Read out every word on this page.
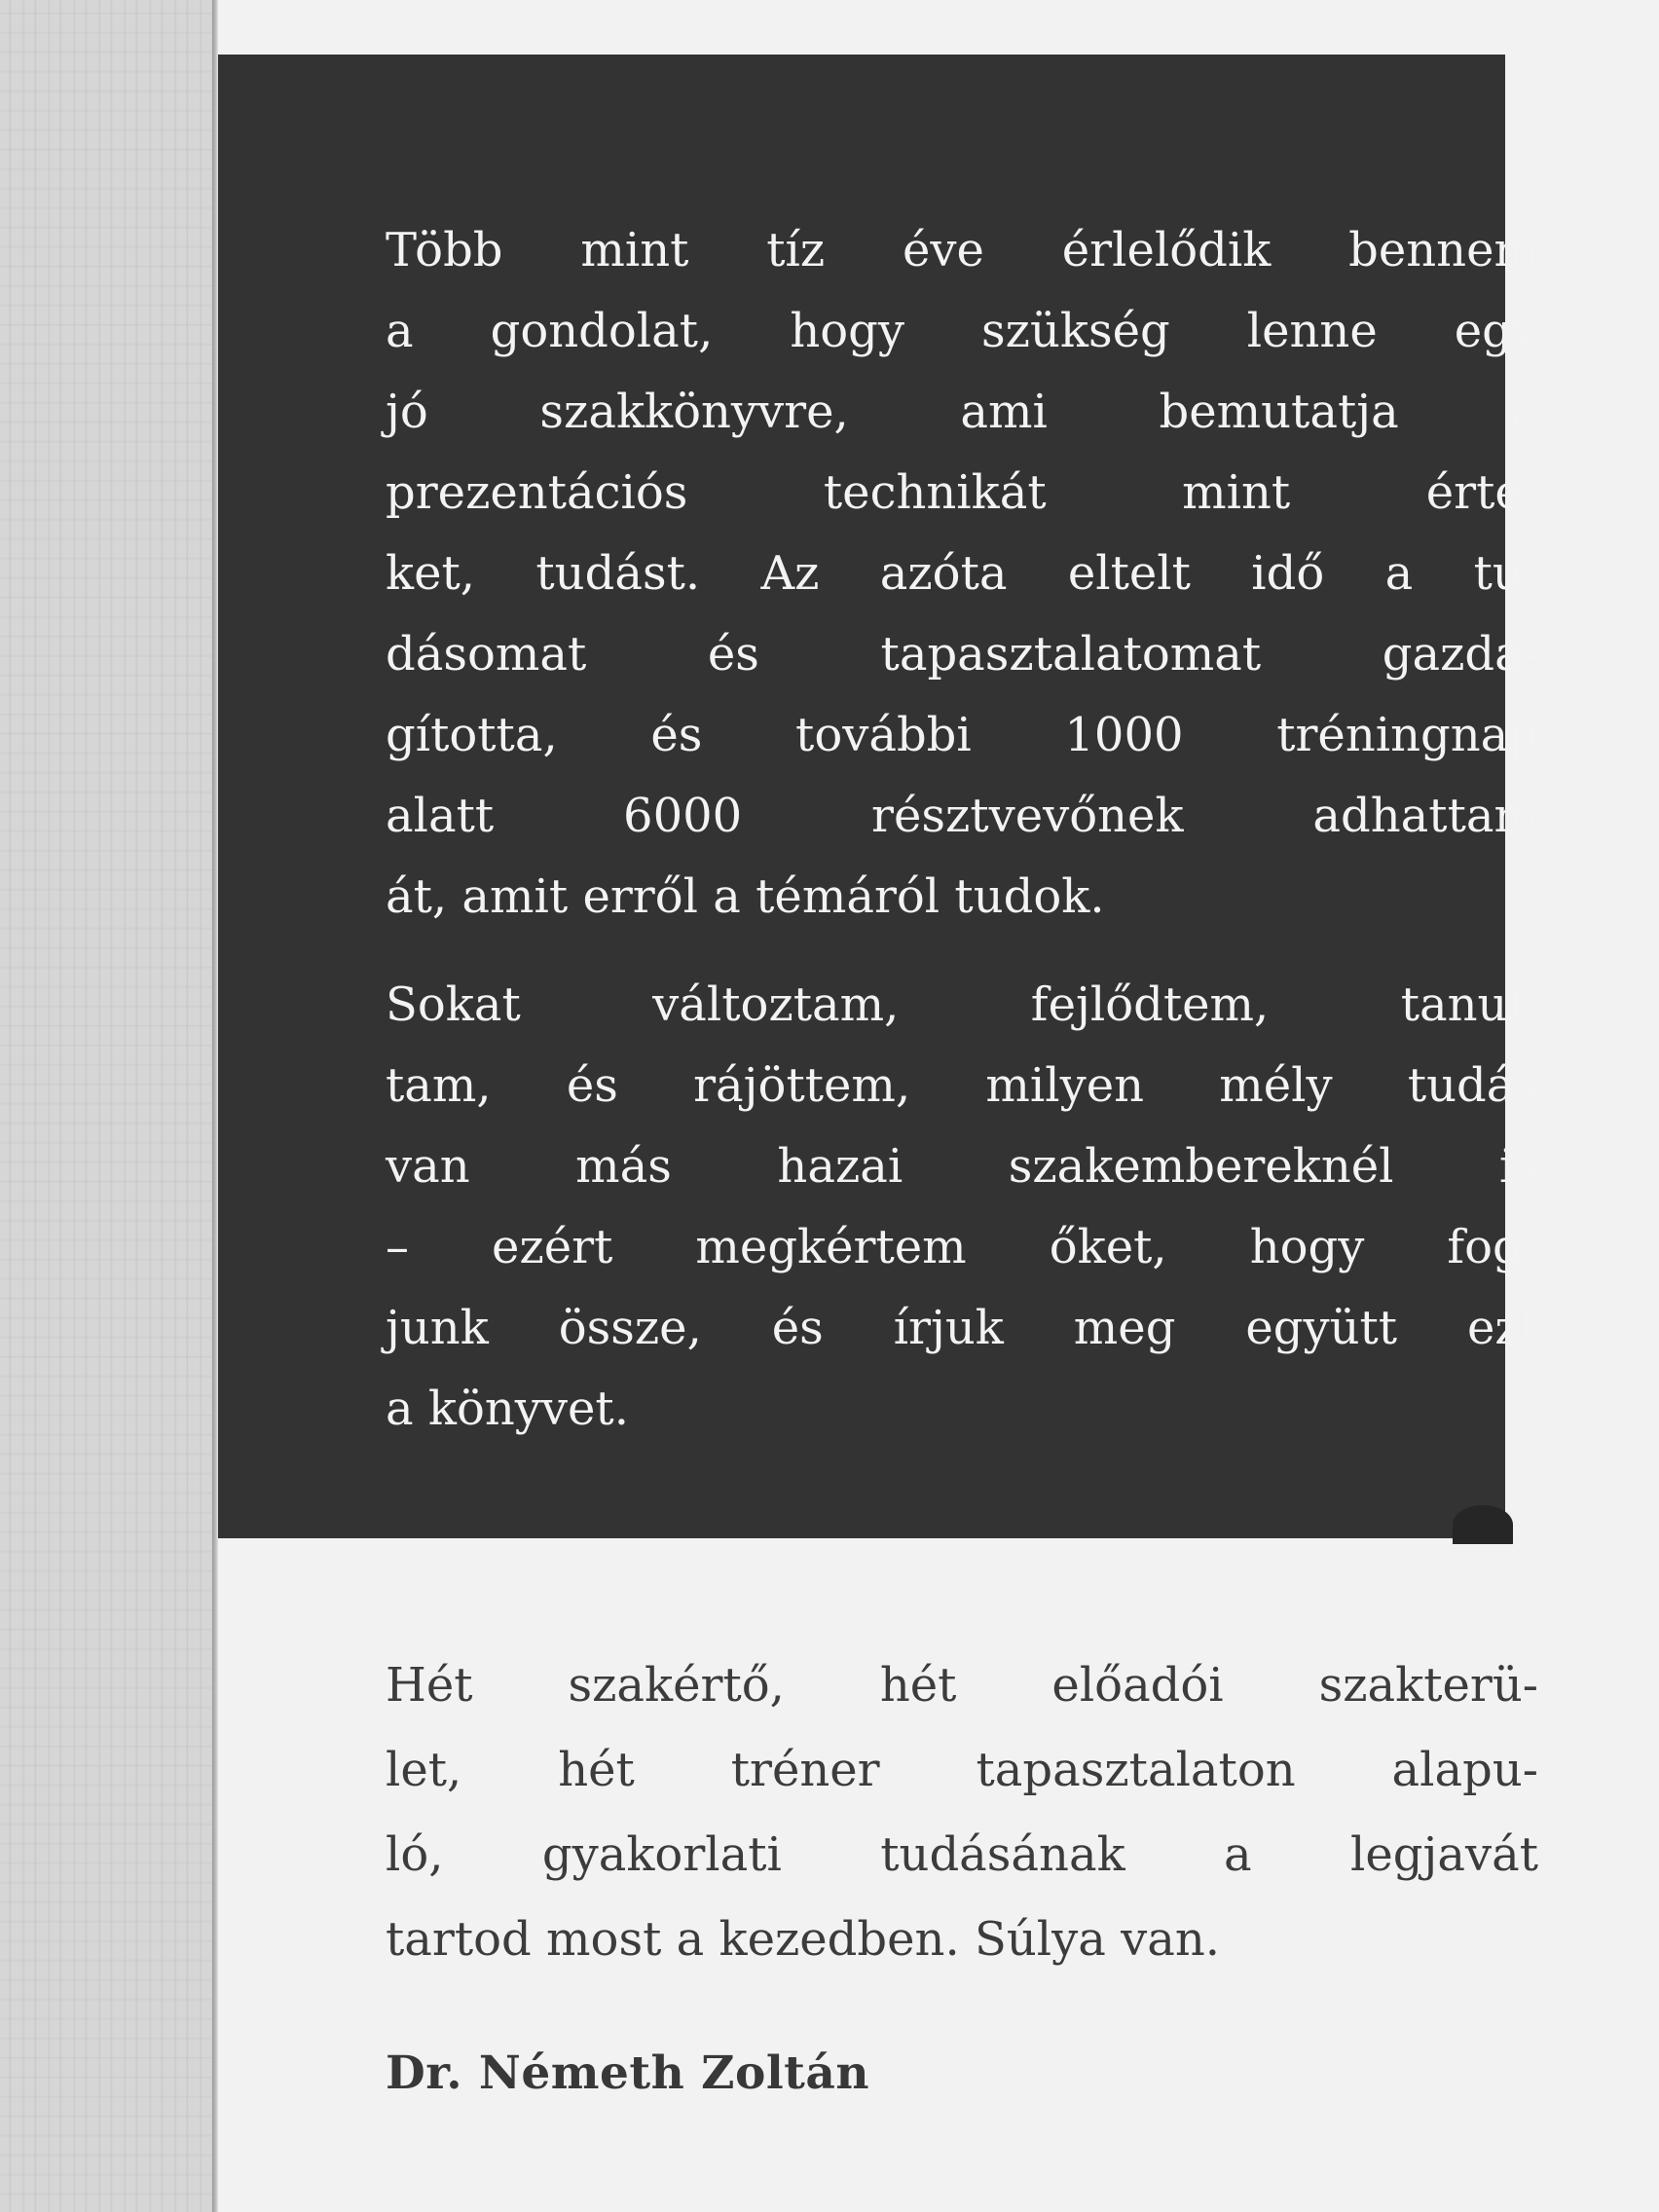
Több mint tíz éve érlelődik bennem
a gondolat, hogy szükség lenne egy
jó szakkönyvre, ami bemutatja a
prezentációs technikát mint érté-
ket, tudást. Az azóta eltelt idő a tu-
dásomat és tapasztalatomat gazda-
gította, és további 1000 tréningnap
alatt 6000 résztvevőnek adhattam
át, amit erről a témáról tudok.

Sokat változtam, fejlődtem, tanul-
tam, és rájöttem, milyen mély tudás
van más hazai szakembereknél is
– ezért megkértem őket, hogy fog-
junk össze, és írjuk meg együtt ezt
a könyvet.

Hét szakértő, hét előadói szakterü-
let, hét tréner tapasztalaton alapu-
ló, gyakorlati tudásának a legjavát
tartod most a kezedben. Súlya van.
Dr. Németh Zoltán
